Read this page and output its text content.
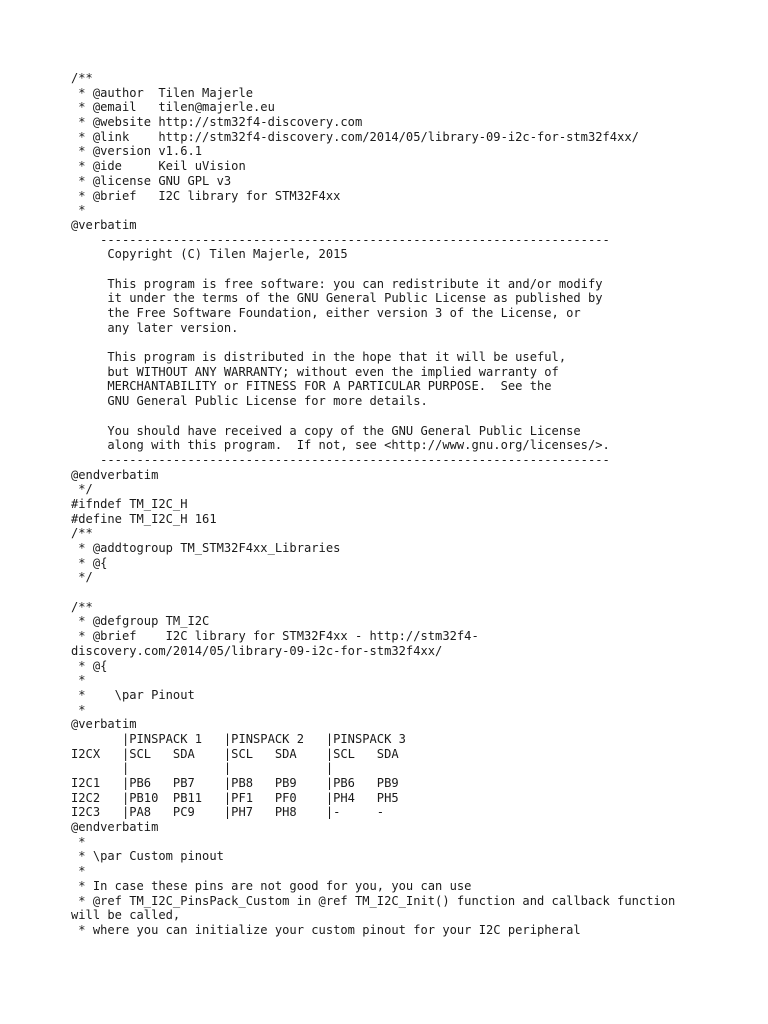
/**
* @author  Tilen Majerle
* @email   tilen@majerle.eu
* @website http://stm32f4-discovery.com
* @link    http://stm32f4-discovery.com/2014/05/library-09-i2c-for-stm32f4xx/
* @version v1.6.1
* @ide     Keil uVision
* @license GNU GPL v3
* @brief   I2C library for STM32F4xx
*
@verbatim
----------------------------------------------------------------------
Copyright (C) Tilen Majerle, 2015
This program is free software: you can redistribute it and/or modify
it under the terms of the GNU General Public License as published by
the Free Software Foundation, either version 3 of the License, or
any later version.
This program is distributed in the hope that it will be useful,
but WITHOUT ANY WARRANTY; without even the implied warranty of
MERCHANTABILITY or FITNESS FOR A PARTICULAR PURPOSE.  See the
GNU General Public License for more details.
You should have received a copy of the GNU General Public License
along with this program.  If not, see <http://www.gnu.org/licenses/>.
----------------------------------------------------------------------
@endverbatim
*/
#ifndef TM_I2C_H
#define TM_I2C_H 161
/**
* @addtogroup TM_STM32F4xx_Libraries
* @{
*/
/**
* @defgroup TM_I2C
* @brief    I2C library for STM32F4xx - http://stm32f4-
discovery.com/2014/05/library-09-i2c-for-stm32f4xx/
* @{
*
*    \par Pinout
*
@verbatim
|PINSPACK 1   |PINSPACK 2   |PINSPACK 3
I2CX   |SCL   SDA    |SCL   SDA    |SCL   SDA
|             |             |
I2C1   |PB6   PB7    |PB8   PB9    |PB6   PB9
I2C2   |PB10  PB11   |PF1   PF0    |PH4   PH5
I2C3   |PA8   PC9    |PH7   PH8    |-     -
@endverbatim
*
* \par Custom pinout
*
* In case these pins are not good for you, you can use
* @ref TM_I2C_PinsPack_Custom in @ref TM_I2C_Init() function and callback function
will be called,
* where you can initialize your custom pinout for your I2C peripheral
